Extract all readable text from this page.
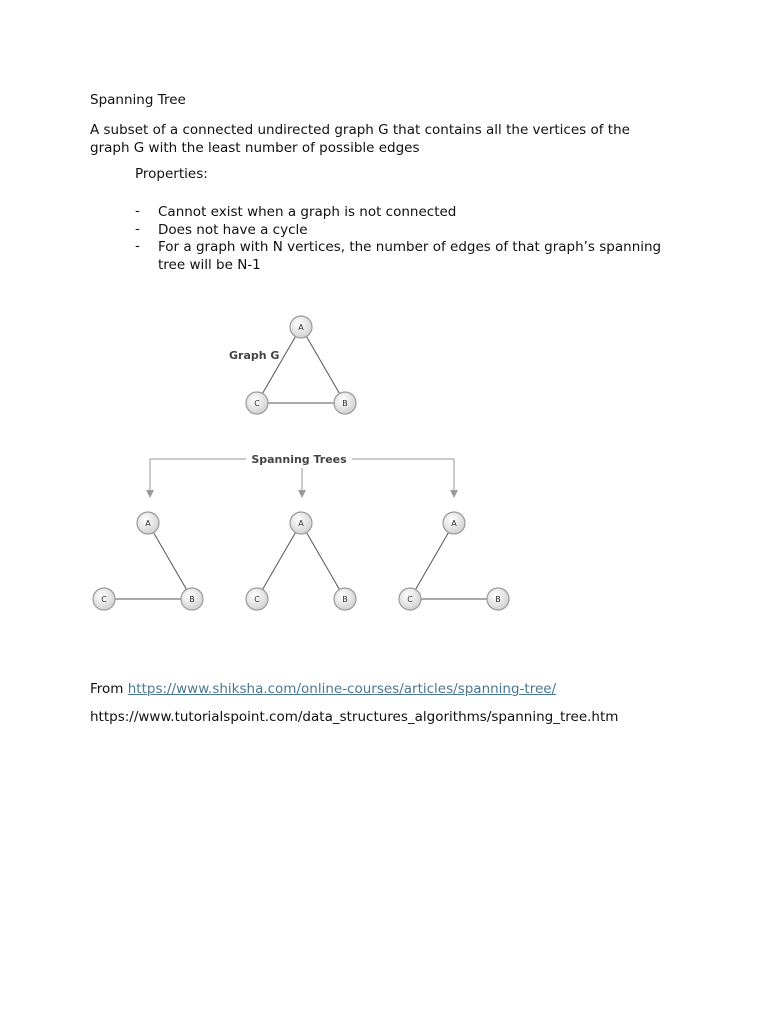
Spanning Tree
A subset of a connected undirected graph G that contains all the vertices of the
graph G with the least number of possible edges
Properties:
- Cannot exist when a graph is not connected
- Does not have a cycle
- For a graph with N vertices, the number of edges of that graph’s spanning
tree will be N-1
Graph G
A
C	B
Spanning Trees
A
C	B
A
C	B
A
C	B
From https://www.shiksha.com/online-courses/articles/spanning-tree/
https://www.tutorialspoint.com/data_structures_algorithms/spanning_tree.htm
